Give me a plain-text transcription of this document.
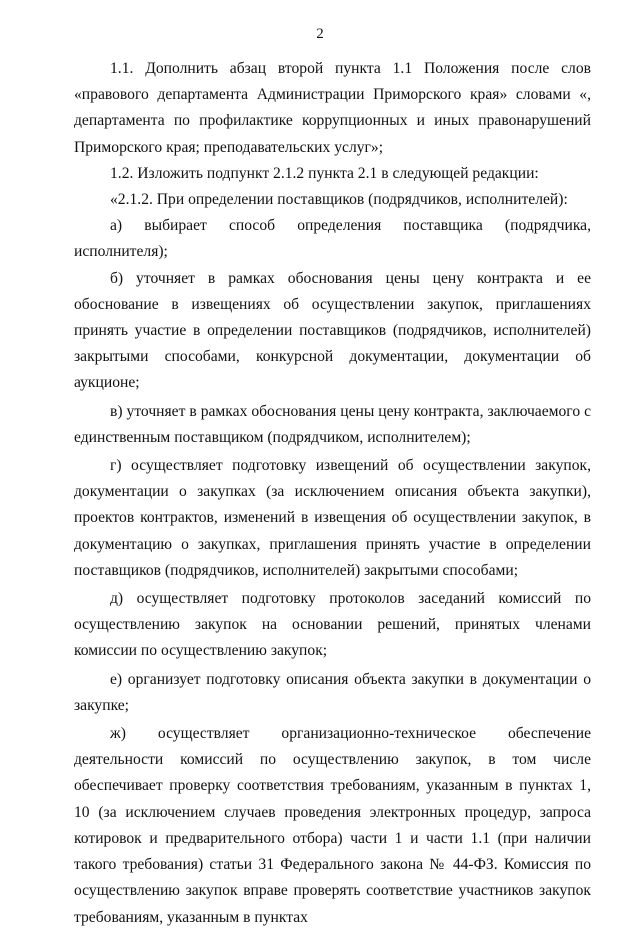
2

1.1. Дополнить абзац второй пункта 1.1 Положения после слов «правового департамента Администрации Приморского края» словами «, департамента по профилактике коррупционных и иных правонарушений Приморского края; преподавательских услуг»;

1.2. Изложить подпункт 2.1.2 пункта 2.1 в следующей редакции:

«2.1.2. При определении поставщиков (подрядчиков, исполнителей):

а) выбирает способ определения поставщика (подрядчика, исполнителя);

б) уточняет в рамках обоснования цены цену контракта и ее обоснование в извещениях об осуществлении закупок, приглашениях принять участие в определении поставщиков (подрядчиков, исполнителей) закрытыми способами, конкурсной документации, документации об аукционе;

в) уточняет в рамках обоснования цены цену контракта, заключаемого с единственным поставщиком (подрядчиком, исполнителем);

г) осуществляет подготовку извещений об осуществлении закупок, документации о закупках (за исключением описания объекта закупки), проектов контрактов, изменений в извещения об осуществлении закупок, в документацию о закупках, приглашения принять участие в определении поставщиков (подрядчиков, исполнителей) закрытыми способами;

д) осуществляет подготовку протоколов заседаний комиссий по осуществлению закупок на основании решений, принятых членами комиссии по осуществлению закупок;

е) организует подготовку описания объекта закупки в документации о закупке;

ж) осуществляет организационно-техническое обеспечение деятельности комиссий по осуществлению закупок, в том числе обеспечивает проверку соответствия требованиям, указанным в пунктах 1, 10 (за исключением случаев проведения электронных процедур, запроса котировок и предварительного отбора) части 1 и части 1.1 (при наличии такого требования) статьи 31 Федерального закона № 44-ФЗ. Комиссия по осуществлению закупок вправе проверять соответствие участников закупок требованиям, указанным в пунктах
